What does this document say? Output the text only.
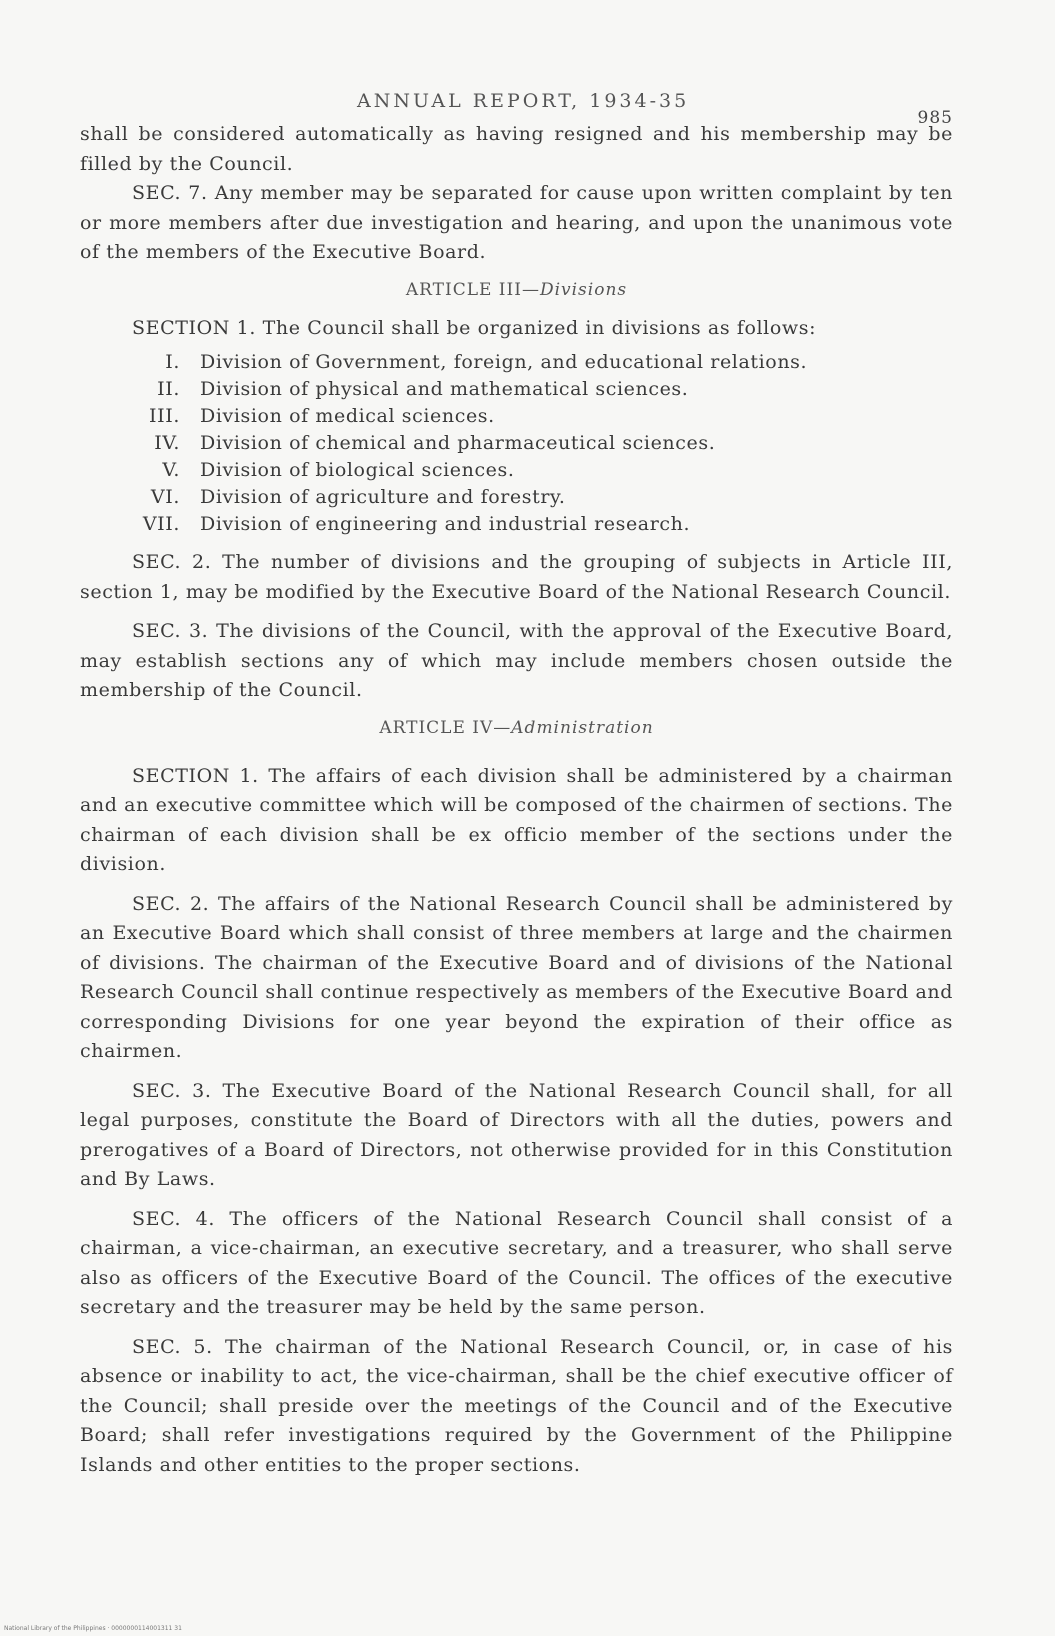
ANNUAL REPORT, 1934-35
985

shall be considered automatically as having resigned and his membership may be filled by the Council.

SEC. 7. Any member may be separated for cause upon written complaint by ten or more members after due investigation and hearing, and upon the unanimous vote of the members of the Executive Board.

ARTICLE III—Divisions

SECTION 1. The Council shall be organized in divisions as follows:

I.	Division of Government, foreign, and educational relations.
II.	Division of physical and mathematical sciences.
III.	Division of medical sciences.
IV.	Division of chemical and pharmaceutical sciences.
V.	Division of biological sciences.
VI.	Division of agriculture and forestry.
VII.	Division of engineering and industrial research.

SEC. 2. The number of divisions and the grouping of subjects in Article III, section 1, may be modified by the Executive Board of the National Research Council.

SEC. 3. The divisions of the Council, with the approval of the Executive Board, may establish sections any of which may include members chosen outside the membership of the Council.

ARTICLE IV—Administration

SECTION 1. The affairs of each division shall be administered by a chairman and an executive committee which will be composed of the chairmen of sections. The chairman of each division shall be ex officio member of the sections under the division.

SEC. 2. The affairs of the National Research Council shall be administered by an Executive Board which shall consist of three members at large and the chairmen of divisions. The chairman of the Executive Board and of divisions of the National Research Council shall continue respectively as members of the Executive Board and corresponding Divisions for one year beyond the expiration of their office as chairmen.

SEC. 3. The Executive Board of the National Research Council shall, for all legal purposes, constitute the Board of Directors with all the duties, powers and prerogatives of a Board of Directors, not otherwise provided for in this Constitution and By Laws.

SEC. 4. The officers of the National Research Council shall consist of a chairman, a vice-chairman, an executive secretary, and a treasurer, who shall serve also as officers of the Executive Board of the Council. The offices of the executive secretary and the treasurer may be held by the same person.

SEC. 5. The chairman of the National Research Council, or, in case of his absence or inability to act, the vice-chairman, shall be the chief executive officer of the Council; shall preside over the meetings of the Council and of the Executive Board; shall refer investigations required by the Government of the Philippine Islands and other entities to the proper sections.

National Library of the Philippines · 0000000114001311 31
